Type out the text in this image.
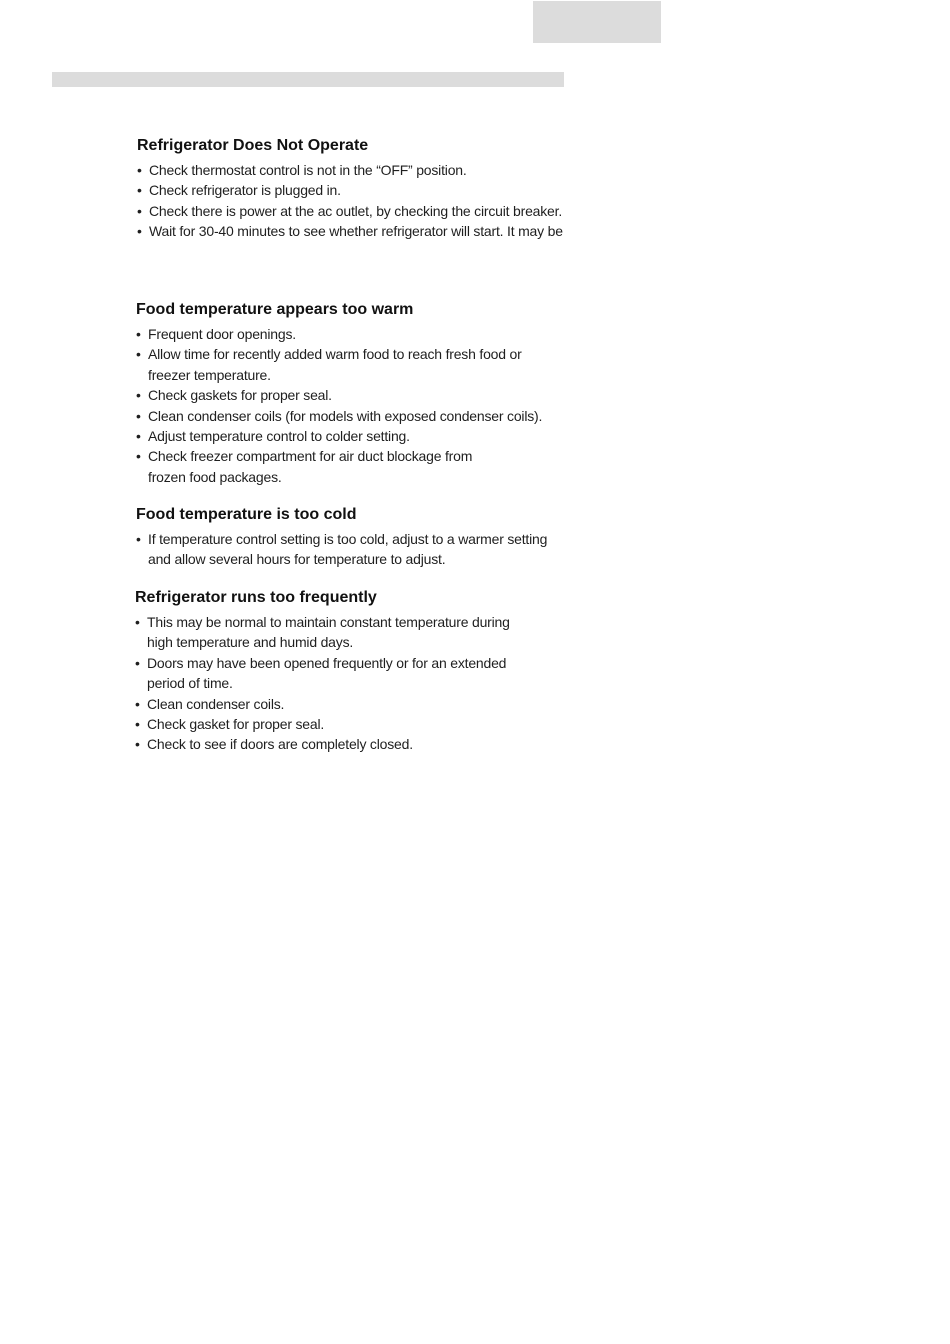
Refrigerator Does Not Operate
• Check thermostat control is not in the “OFF” position.
• Check refrigerator is plugged in.
• Check there is power at the ac outlet, by checking the circuit breaker.
• Wait for 30-40 minutes to see whether refrigerator will start. It may be
Food temperature appears too warm
• Frequent door openings.
• Allow time for recently added warm food to reach fresh food or
freezer temperature.
• Check gaskets for proper seal.
• Clean condenser coils (for models with exposed condenser coils).
• Adjust temperature control to colder setting.
• Check freezer compartment for air duct blockage from
frozen food packages.
Food temperature is too cold
• If temperature control setting is too cold, adjust to a warmer setting
and allow several hours for temperature to adjust.
Refrigerator runs too frequently
• This may be normal to maintain constant temperature during
high temperature and humid days.
• Doors may have been opened frequently or for an extended
period of time.
• Clean condenser coils.
• Check gasket for proper seal.
• Check to see if doors are completely closed.
